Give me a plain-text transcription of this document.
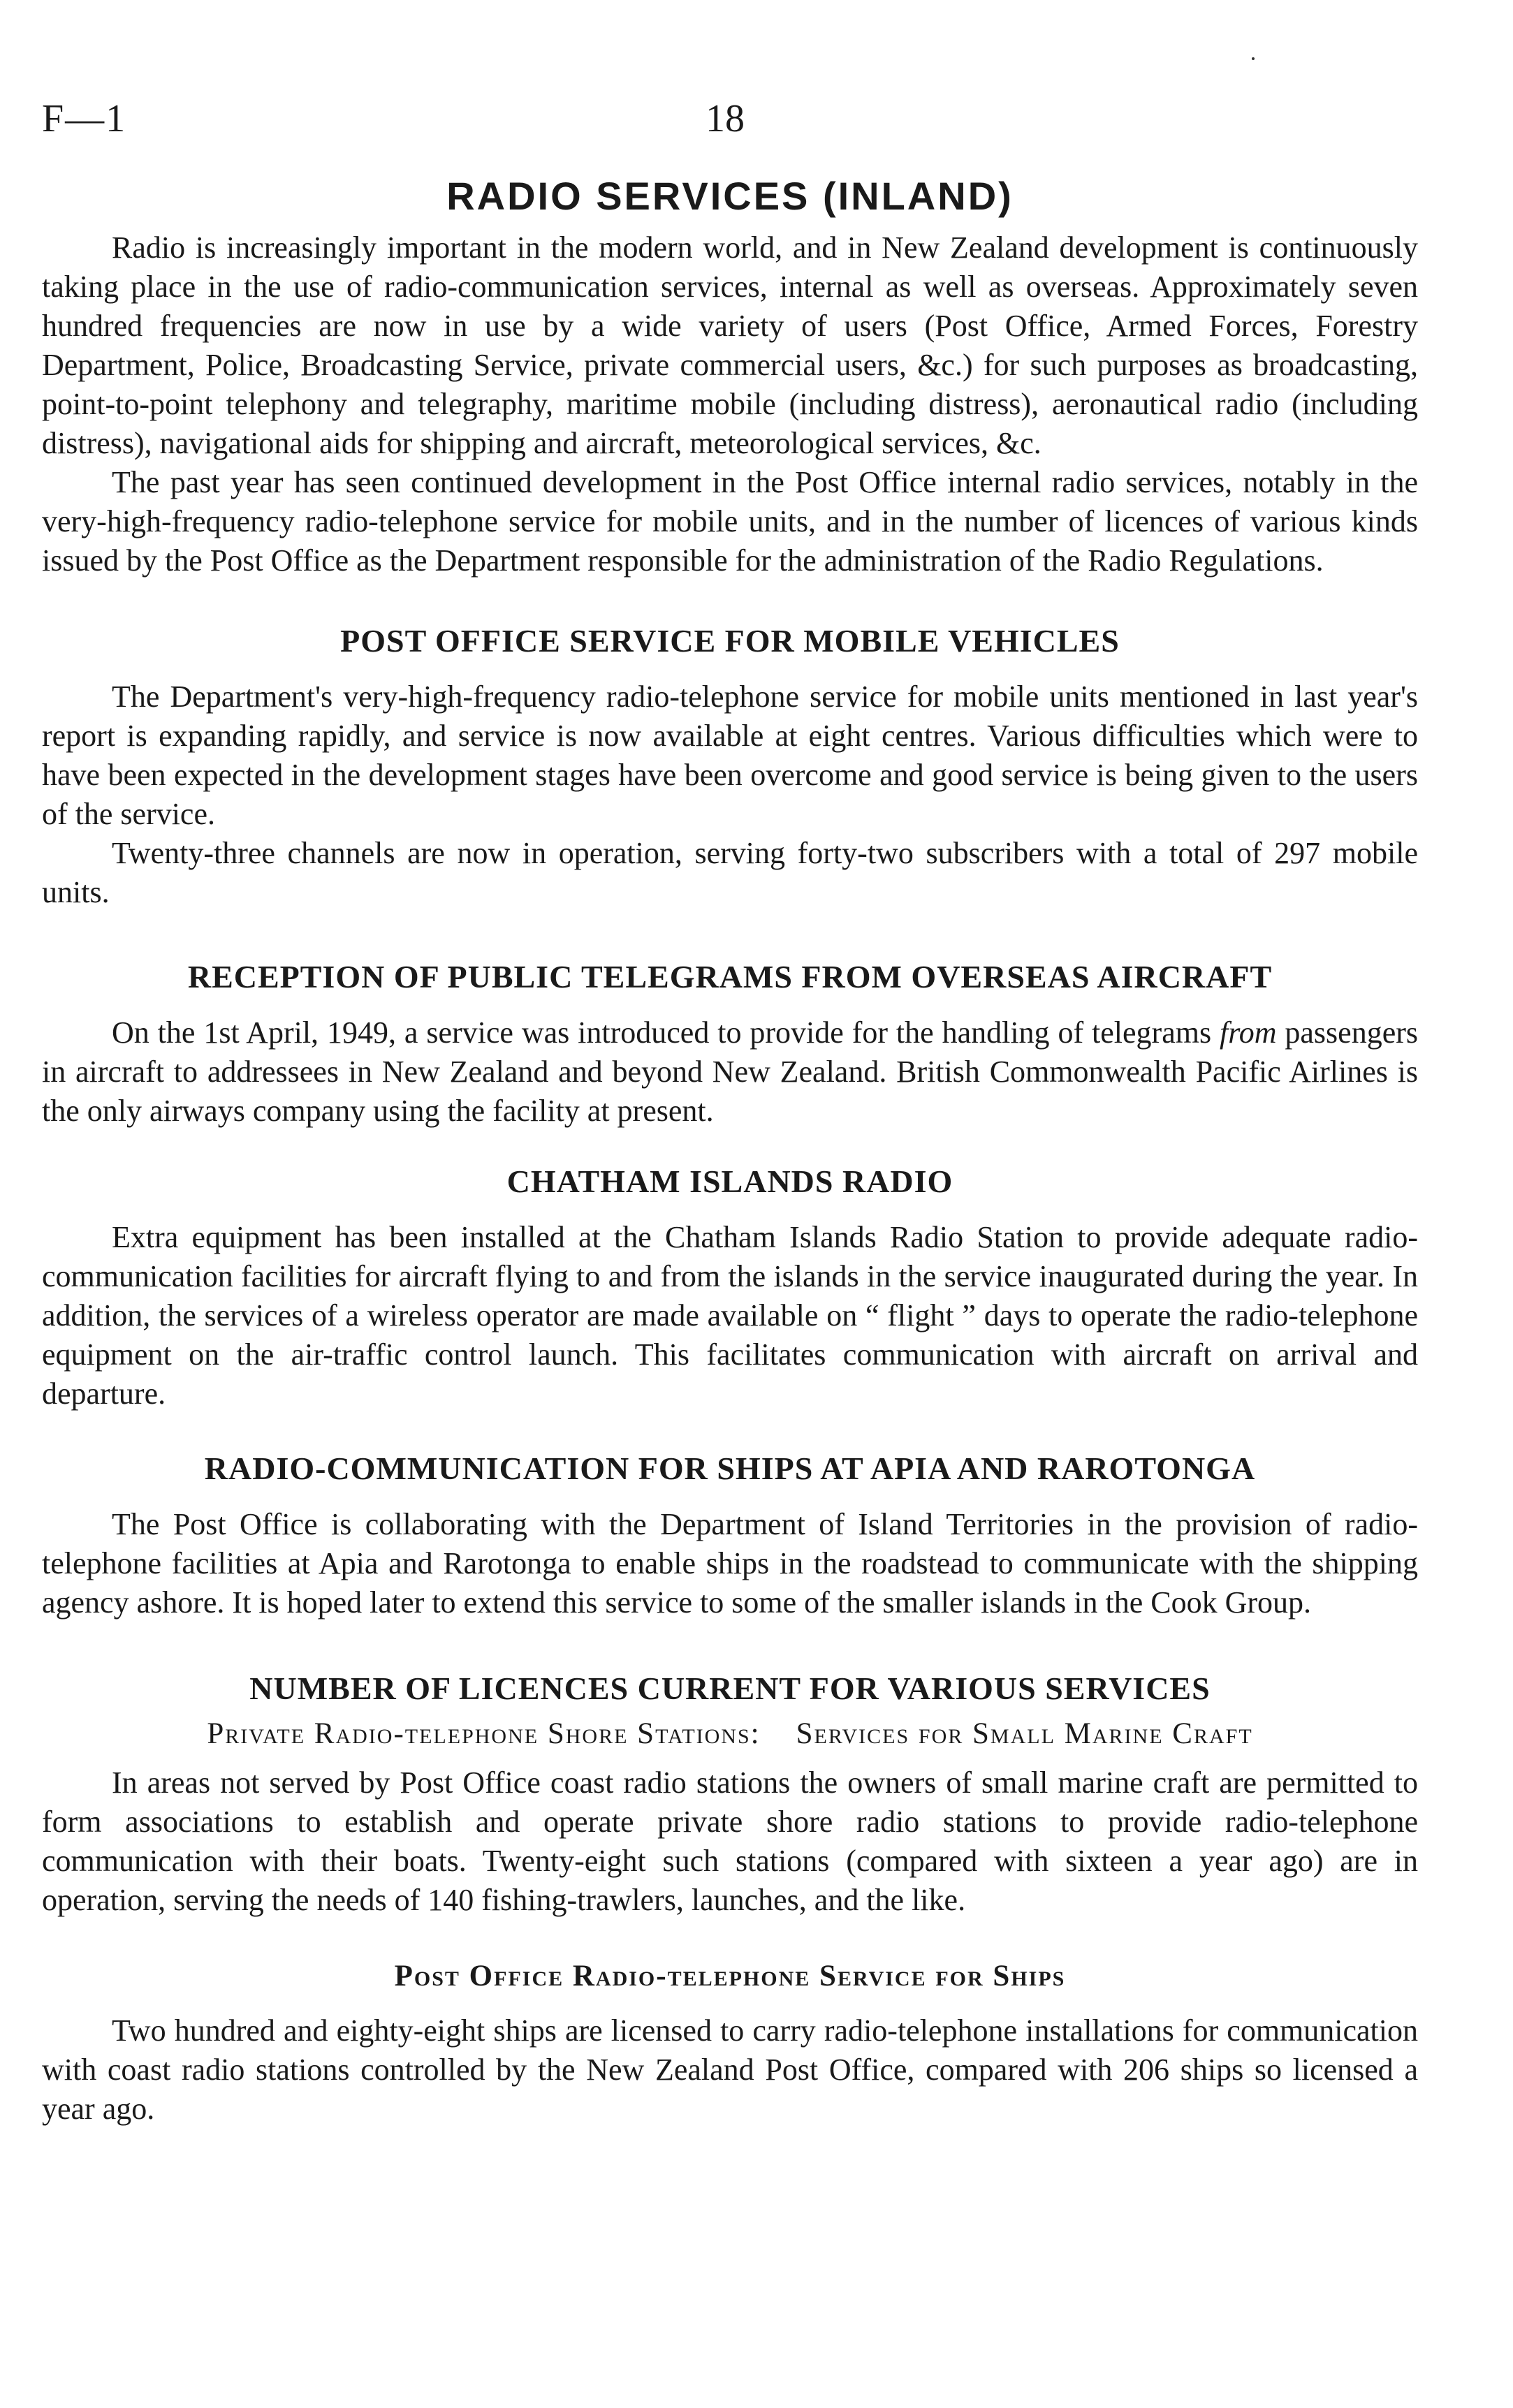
F—1	18
RADIO SERVICES (INLAND)

Radio is increasingly important in the modern world, and in New Zealand development is continuously taking place in the use of radio-communication services, internal as well as overseas. Approximately seven hundred frequencies are now in use by a wide variety of users (Post Office, Armed Forces, Forestry Department, Police, Broadcasting Service, private commercial users, &c.) for such purposes as broadcasting, point-to-point telephony and telegraphy, maritime mobile (including distress), aeronautical radio (including distress), navigational aids for shipping and aircraft, meteorological services, &c.

The past year has seen continued development in the Post Office internal radio services, notably in the very-high-frequency radio-telephone service for mobile units, and in the number of licences of various kinds issued by the Post Office as the Department responsible for the administration of the Radio Regulations.

POST OFFICE SERVICE FOR MOBILE VEHICLES

The Department's very-high-frequency radio-telephone service for mobile units mentioned in last year's report is expanding rapidly, and service is now available at eight centres. Various difficulties which were to have been expected in the development stages have been overcome and good service is being given to the users of the service.

Twenty-three channels are now in operation, serving forty-two subscribers with a total of 297 mobile units.

RECEPTION OF PUBLIC TELEGRAMS FROM OVERSEAS AIRCRAFT

On the 1st April, 1949, a service was introduced to provide for the handling of telegrams from passengers in aircraft to addressees in New Zealand and beyond New Zealand. British Commonwealth Pacific Airlines is the only airways company using the facility at present.

CHATHAM ISLANDS RADIO

Extra equipment has been installed at the Chatham Islands Radio Station to provide adequate radio-communication facilities for aircraft flying to and from the islands in the service inaugurated during the year. In addition, the services of a wireless operator are made available on “ flight ” days to operate the radio-telephone equipment on the air-traffic control launch. This facilitates communication with aircraft on arrival and departure.

RADIO-COMMUNICATION FOR SHIPS AT APIA AND RAROTONGA

The Post Office is collaborating with the Department of Island Territories in the provision of radio-telephone facilities at Apia and Rarotonga to enable ships in the roadstead to communicate with the shipping agency ashore. It is hoped later to extend this service to some of the smaller islands in the Cook Group.

NUMBER OF LICENCES CURRENT FOR VARIOUS SERVICES
Private Radio-telephone Shore Stations: Services for Small Marine Craft

In areas not served by Post Office coast radio stations the owners of small marine craft are permitted to form associations to establish and operate private shore radio stations to provide radio-telephone communication with their boats. Twenty-eight such stations (compared with sixteen a year ago) are in operation, serving the needs of 140 fishing-trawlers, launches, and the like.

Post Office Radio-telephone Service for Ships

Two hundred and eighty-eight ships are licensed to carry radio-telephone installations for communication with coast radio stations controlled by the New Zealand Post Office, compared with 206 ships so licensed a year ago.
